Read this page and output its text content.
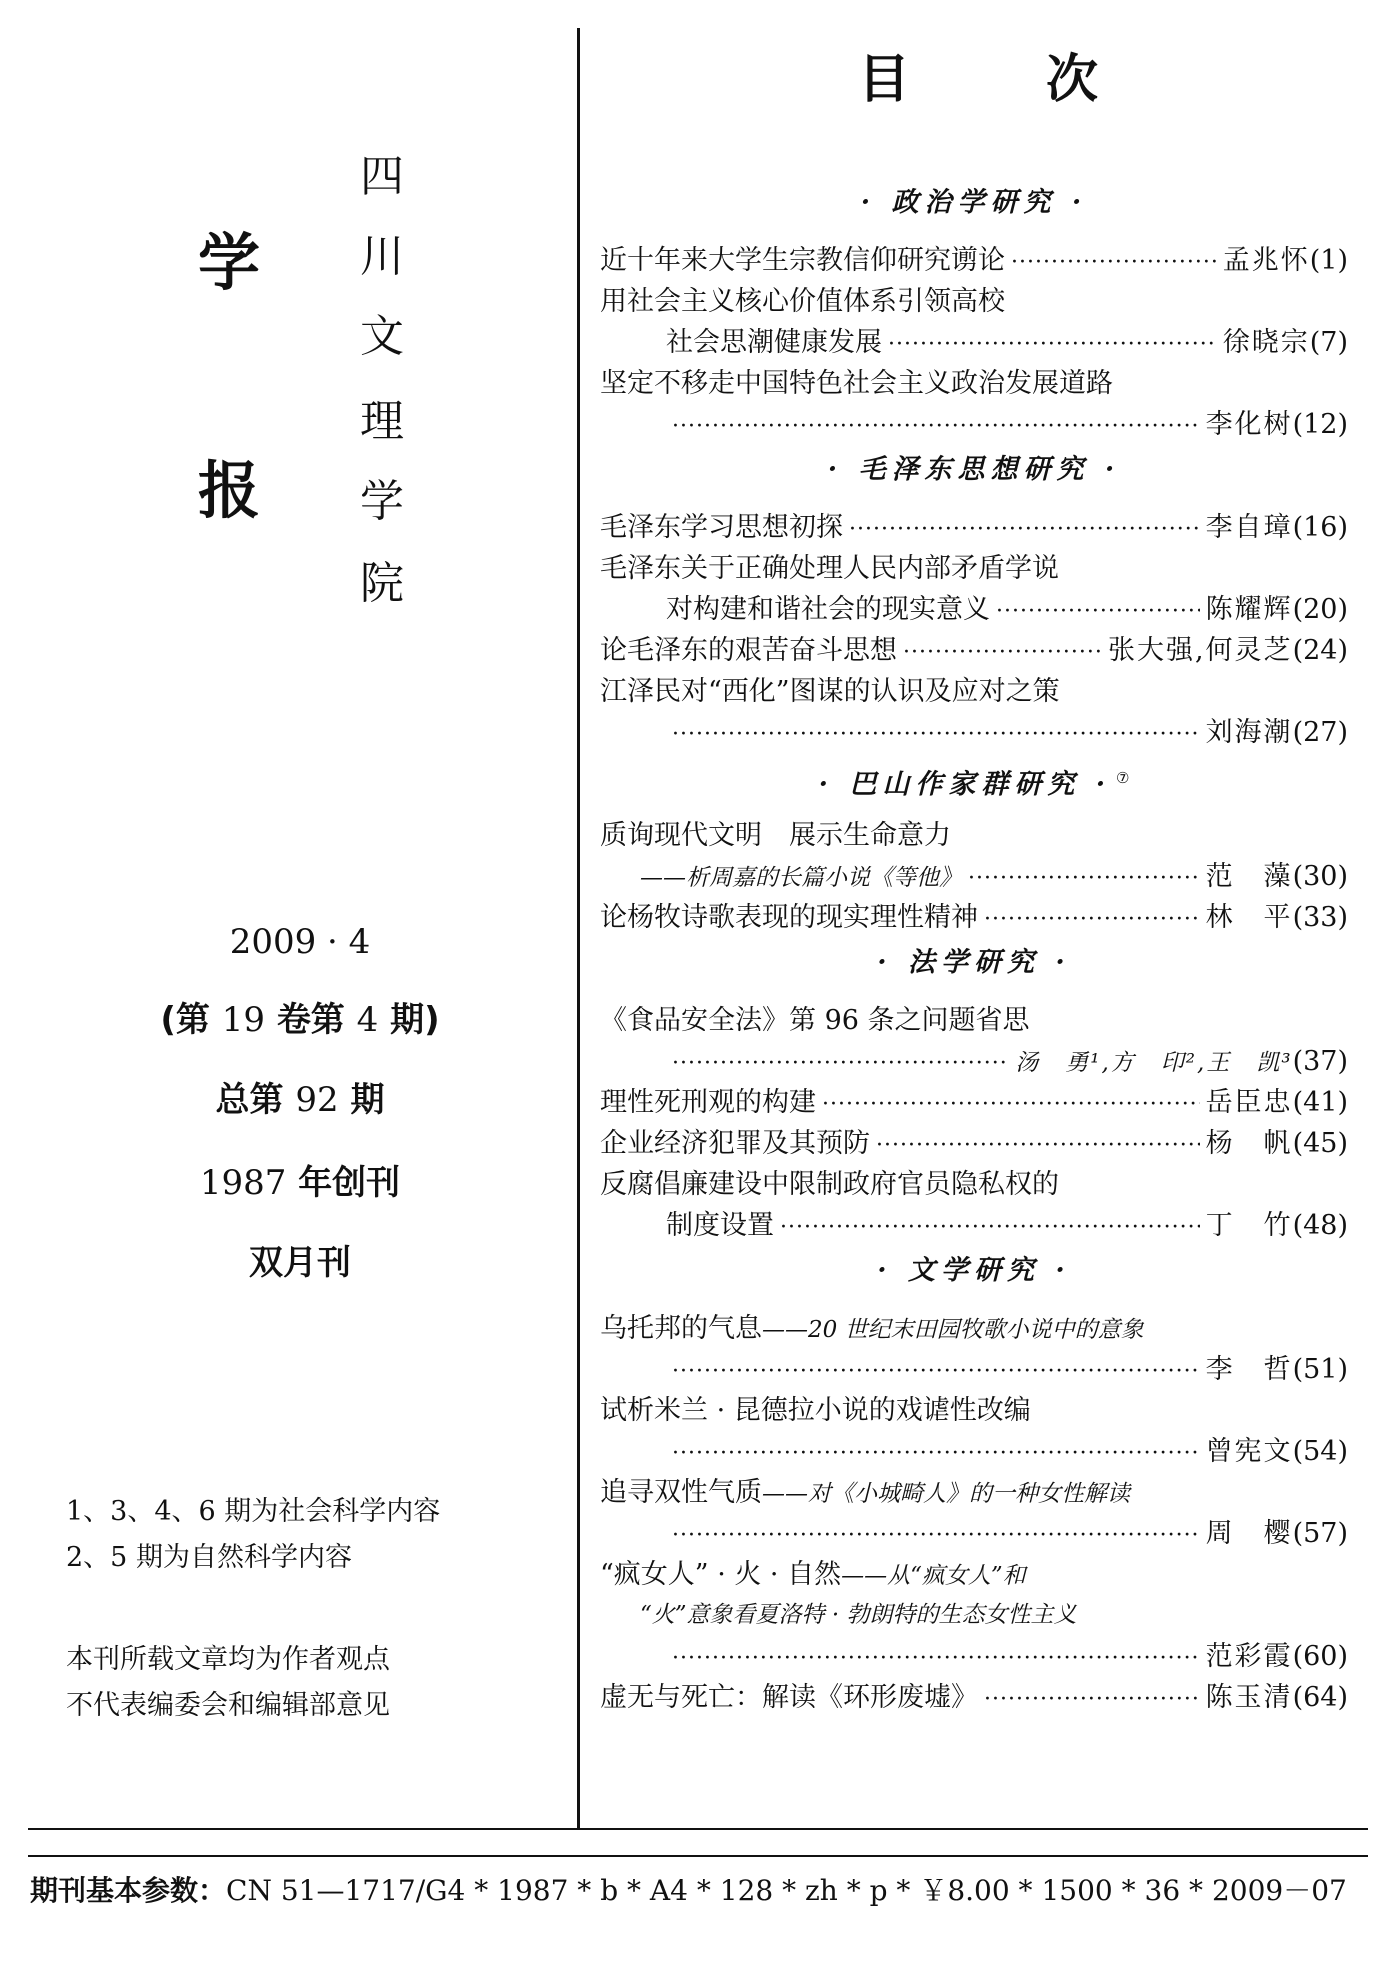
四
川
文
理
学
院
学
报
2009 · 4
(第 19 卷第 4 期)
总第 92 期
1987 年创刊
双月刊
1、3、4、6 期为社会科学内容
2、5 期为自然科学内容
本刊所载文章均为作者观点
不代表编委会和编辑部意见
目	次
· 政治学研究 ·
近十年来大学生宗教信仰研究谫论 ·····	孟兆怀 (1)
用社会主义核心价值体系引领高校
社会思潮健康发展 ·····	徐晓宗 (7)
坚定不移走中国特色社会主义政治发展道路
·····
李化树 (12)
· 毛泽东思想研究 ·
毛泽东学习思想初探 ·····	李自璋 (16)
毛泽东关于正确处理人民内部矛盾学说
对构建和谐社会的现实意义 ·····	陈耀辉 (20)
论毛泽东的艰苦奋斗思想 ·····	张大强,何灵芝 (24)
江泽民对“西化”图谋的认识及应对之策
·····
刘海潮 (27)
· 巴山作家群研究 · ⑦
质询现代文明　展示生命意力
——析周嘉的长篇小说《等他》 ·····	范　藻 (30)
论杨牧诗歌表现的现实理性精神 ·····	林　平 (33)
· 法学研究 ·
《食品安全法》第 96 条之问题省思
·····
汤　勇¹,方　印²,王　凯³ (37)
理性死刑观的构建 ·····	岳臣忠 (41)
企业经济犯罪及其预防 ·····	杨　帆 (45)
反腐倡廉建设中限制政府官员隐私权的
制度设置 ·····	丁　竹 (48)
· 文学研究 ·
乌托邦的气息 ——20 世纪末田园牧歌小说中的意象
·····
李　哲 (51)
试析米兰 · 昆德拉小说的戏谑性改编
·····
曾宪文 (54)
追寻双性气质 ——对《小城畸人》的一种女性解读
·····
周　樱 (57)
“疯女人” · 火 · 自然 ——从“疯女人”和
“火”意象看夏洛特 · 勃朗特的生态女性主义
·····
范彩霞 (60)
虚无与死亡：解读《环形废墟》 ·····	陈玉清 (64)
期刊基本参数：CN 51—1717/G4 * 1987 * b * A4 * 128 * zh * p * ￥8.00 * 1500 * 36 * 2009－07
